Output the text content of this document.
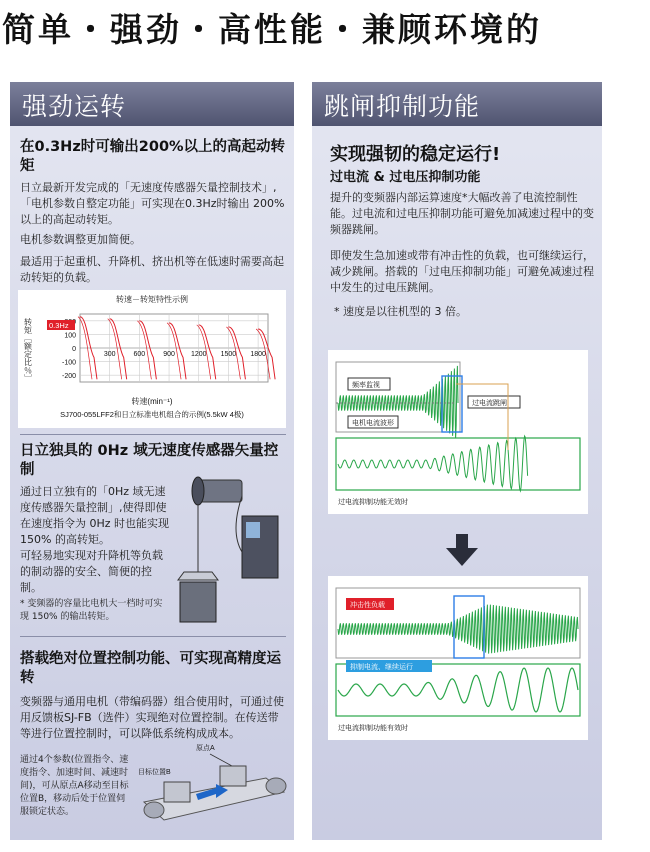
简单・强劲・高性能・兼顾环境的
强劲运转
在0.3Hz时可输出200%以上的高起动转矩
日立最新开发完成的「无速度传感器矢量控制技术」,「电机参数自整定功能」可实现在0.3Hz时输出 200% 以上的高起动转矩。
电机参数调整更加简便。
最适用于起重机、升降机、挤出机等在低速时需要高起动转矩的负载。
转速－转矩特性示例
转矩［额定比％］	100
0
-100
-200
300	600	900 1200 1500 1800
0.3Hz
转速(min⁻¹)
SJ700-055LFF2和日立标准电机组合的示例(5.5kW 4极)
日立独具的 0Hz 域无速度传感器矢量控制
通过日立独有的「0Hz 域无速度传感器矢量控制」,使得即使在速度指令为 0Hz 时也能实现 150% 的高转矩。
可轻易地实现对升降机等负载的制动器的安全、简便的控制。
* 变频器的容量比电机大一档时可实现 150% 的输出转矩。
搭载绝对位置控制功能、可实现高精度运转
变频器与通用电机（带编码器）组合使用时，可通过使用反馈板SJ-FB（选件）实现绝对位置控制。在传送带等进行位置控制时，可以降低系统构成成本。
通过4个参数(位置指令、速度指令、加速时间、减速时间)，可从原点A移动至目标位置B，移动后处于位置伺服锁定状态。
原点A
目标位置B
跳闸抑制功能
实现强韧的稳定运行!
过电流 & 过电压抑制功能
提升的变频器内部运算速度*大幅改善了电流控制性能。过电流和过电压抑制功能可避免加减速过程中的变频器跳闸。
即使发生急加速或带有冲击性的负载，也可继续运行，减少跳闸。搭载的「过电压抑制功能」可避免减速过程中发生的过电压跳闸。
* 速度是以往机型的 3 倍。
频率监视
电机电流波形
过电流跳闸
过电流抑制功能无效时
冲击性负载
抑制电流、继续运行
过电流抑制功能有效时
